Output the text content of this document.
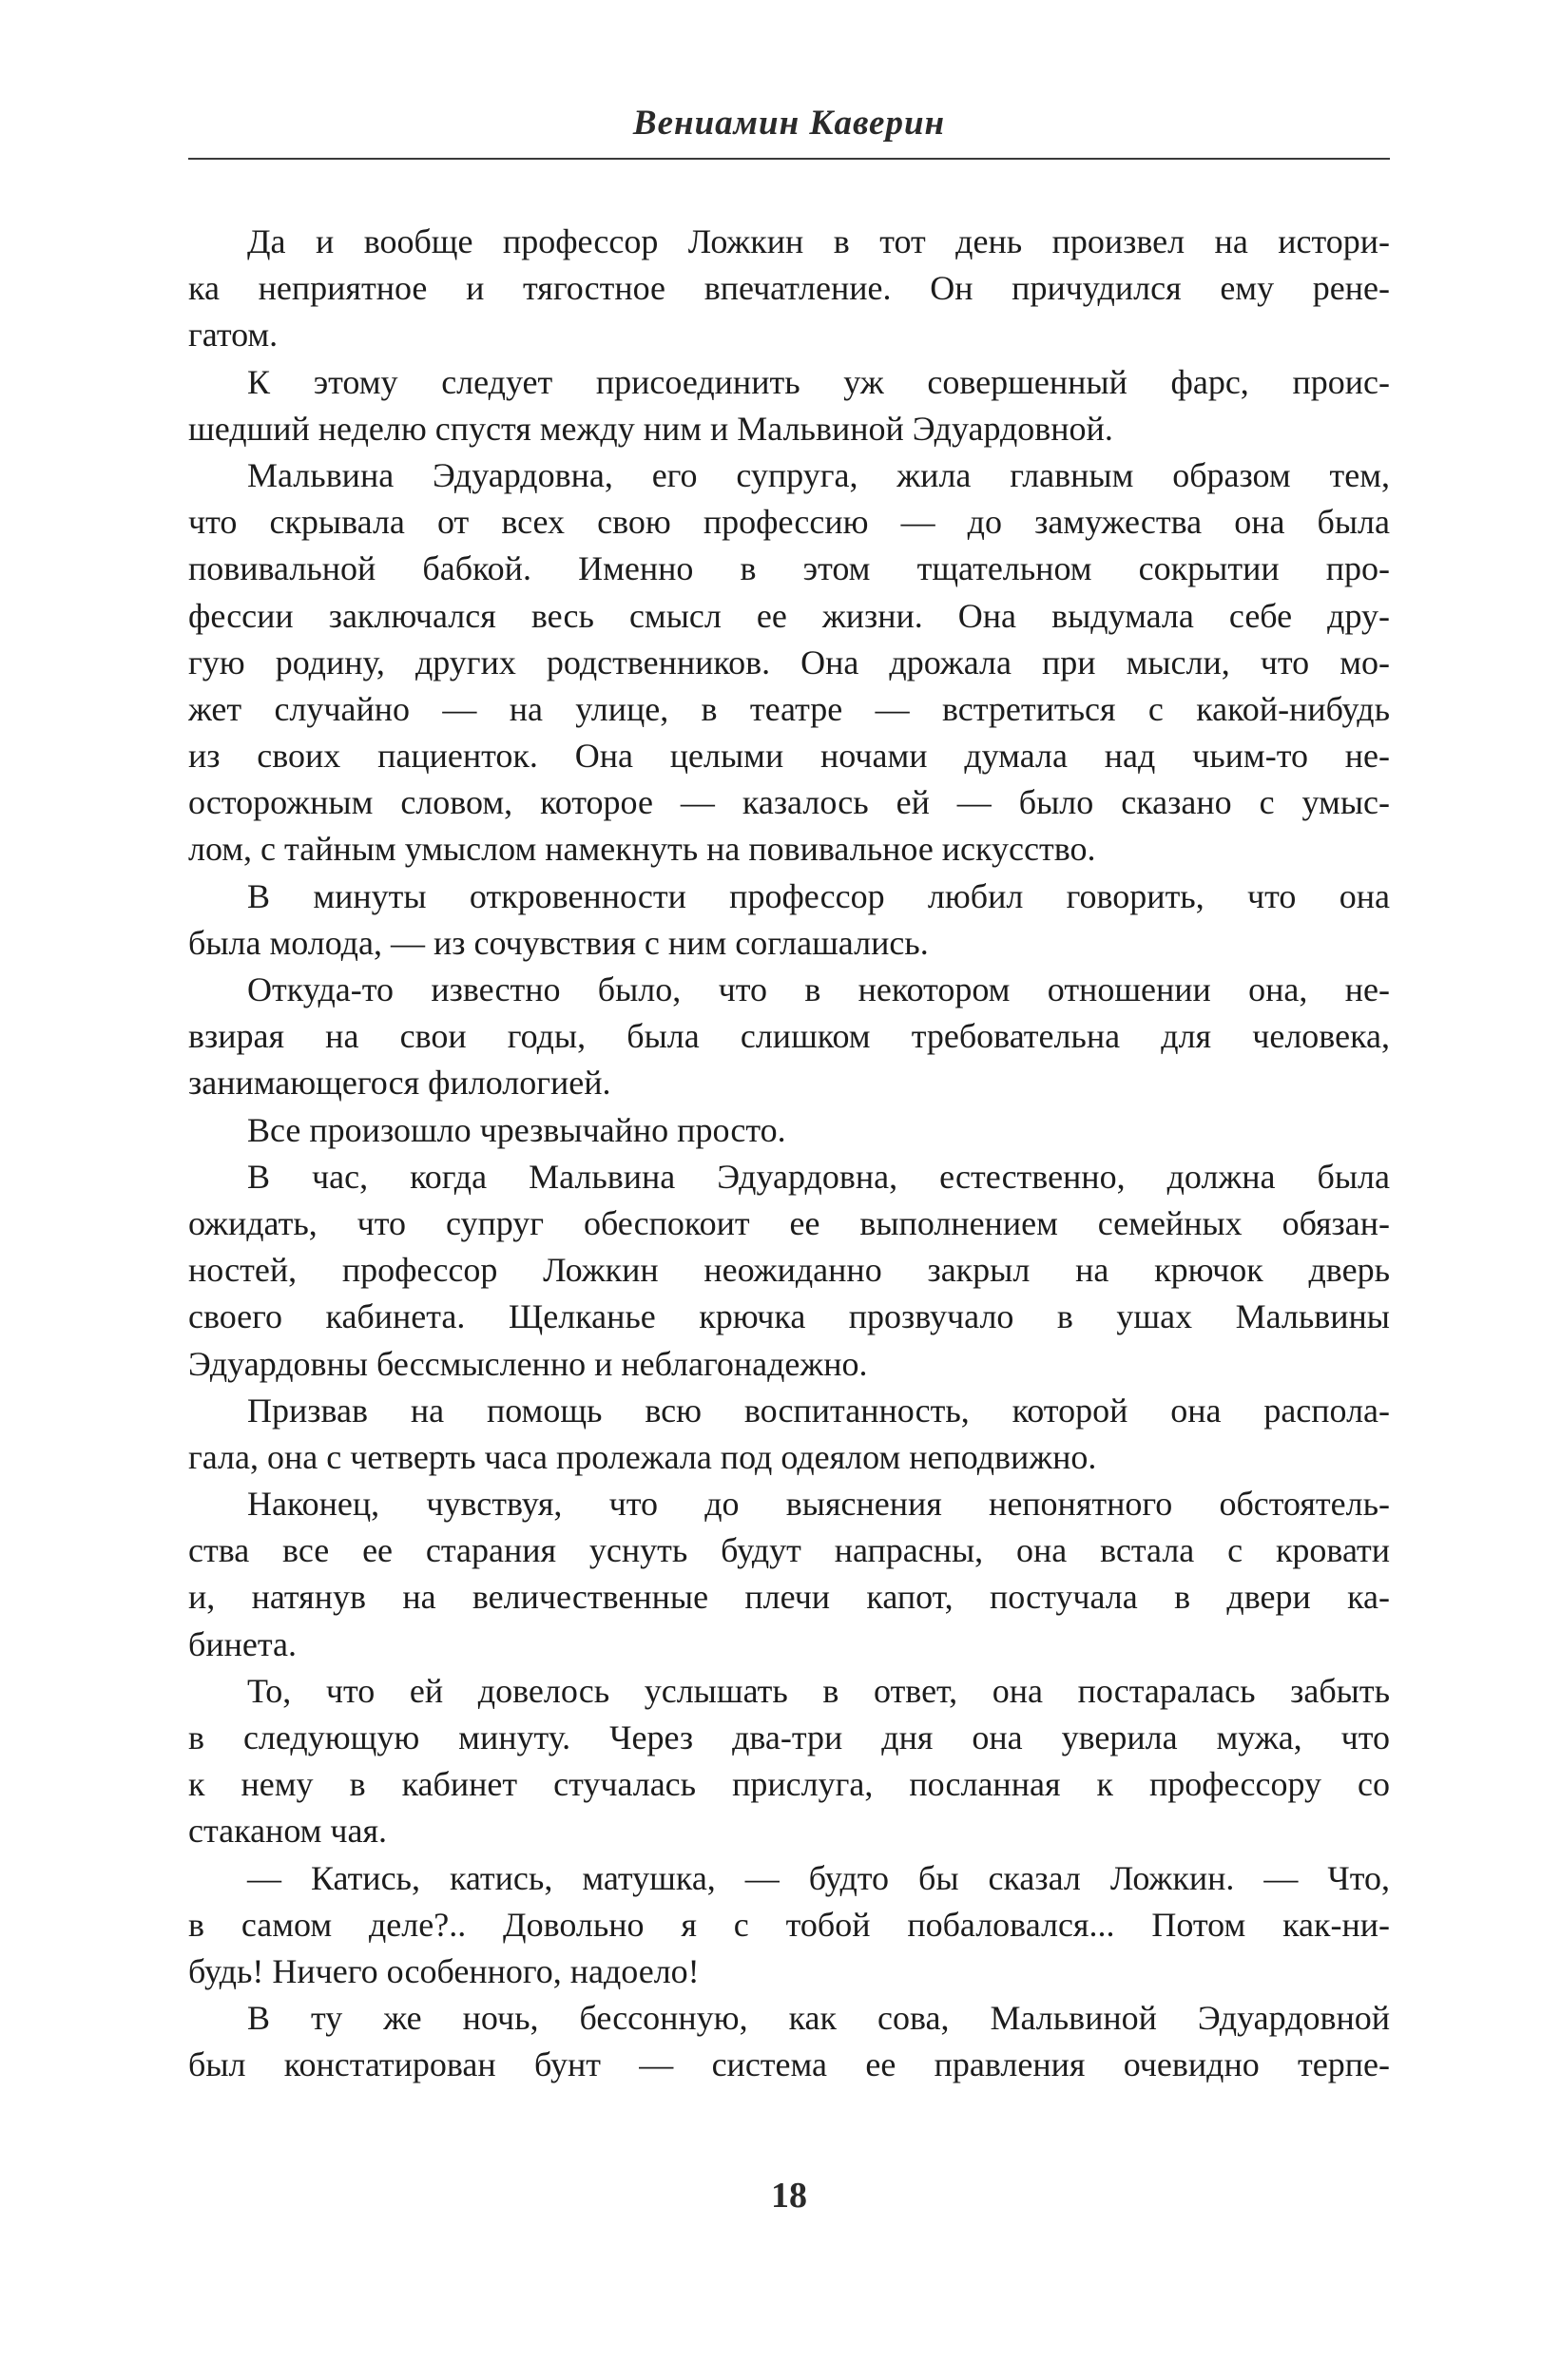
Вениамин Каверин
Да и вообще профессор Ложкин в тот день произвел на истори-
ка неприятное и тягостное впечатление. Он причудился ему рене-
гатом.
К этому следует присоединить уж совершенный фарс, проис-
шедший неделю спустя между ним и Мальвиной Эдуардовной.
Мальвина Эдуардовна, его супруга, жила главным образом тем,
что скрывала от всех свою профессию — до замужества она была
повивальной бабкой. Именно в этом тщательном сокрытии про-
фессии заключался весь смысл ее жизни. Она выдумала себе дру-
гую родину, других родственников. Она дрожала при мысли, что мо-
жет случайно — на улице, в театре — встретиться с какой-нибудь
из своих пациенток. Она целыми ночами думала над чьим-то не-
осторожным словом, которое — казалось ей — было сказано с умыс-
лом, с тайным умыслом намекнуть на повивальное искусство.
В минуты откровенности профессор любил говорить, что она
была молода, — из сочувствия с ним соглашались.
Откуда-то известно было, что в некотором отношении она, не-
взирая на свои годы, была слишком требовательна для человека,
занимающегося филологией.
Все произошло чрезвычайно просто.
В час, когда Мальвина Эдуардовна, естественно, должна была
ожидать, что супруг обеспокоит ее выполнением семейных обязан-
ностей, профессор Ложкин неожиданно закрыл на крючок дверь
своего кабинета. Щелканье крючка прозвучало в ушах Мальвины
Эдуардовны бессмысленно и неблагонадежно.
Призвав на помощь всю воспитанность, которой она распола-
гала, она с четверть часа пролежала под одеялом неподвижно.
Наконец, чувствуя, что до выяснения непонятного обстоятель-
ства все ее старания уснуть будут напрасны, она встала с кровати
и, натянув на величественные плечи капот, постучала в двери ка-
бинета.
То, что ей довелось услышать в ответ, она постаралась забыть
в следующую минуту. Через два-три дня она уверила мужа, что
к нему в кабинет стучалась прислуга, посланная к профессору со
стаканом чая.
— Катись, катись, матушка, — будто бы сказал Ложкин. — Что,
в самом деле?.. Довольно я с тобой побаловался... Потом как-ни-
будь! Ничего особенного, надоело!
В ту же ночь, бессонную, как сова, Мальвиной Эдуардовной
был констатирован бунт — система ее правления очевидно терпе-
18
